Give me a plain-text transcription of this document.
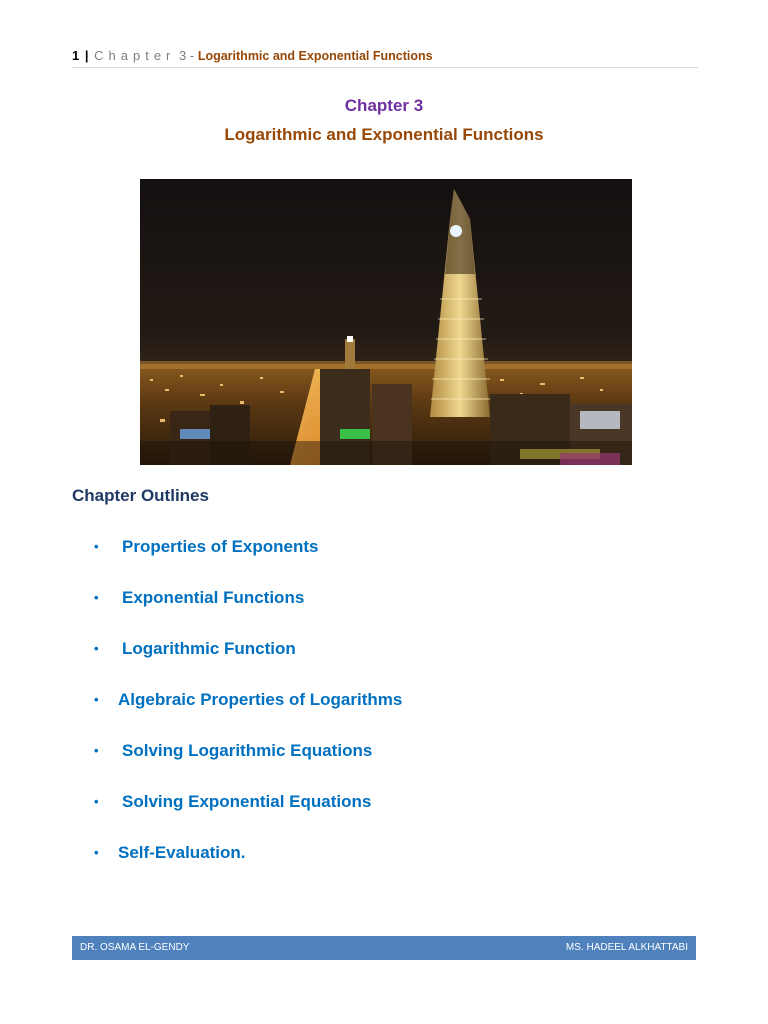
1 | Chapter 3 - Logarithmic and Exponential Functions
Chapter 3
Logarithmic and Exponential Functions
Chapter Outlines
• Properties of Exponents
• Exponential Functions
• Logarithmic Function
• Algebraic Properties of Logarithms
• Solving Logarithmic Equations
• Solving Exponential Equations
• Self-Evaluation.
DR. OSAMA EL-GENDY	MS. HADEEL ALKHATTABI
